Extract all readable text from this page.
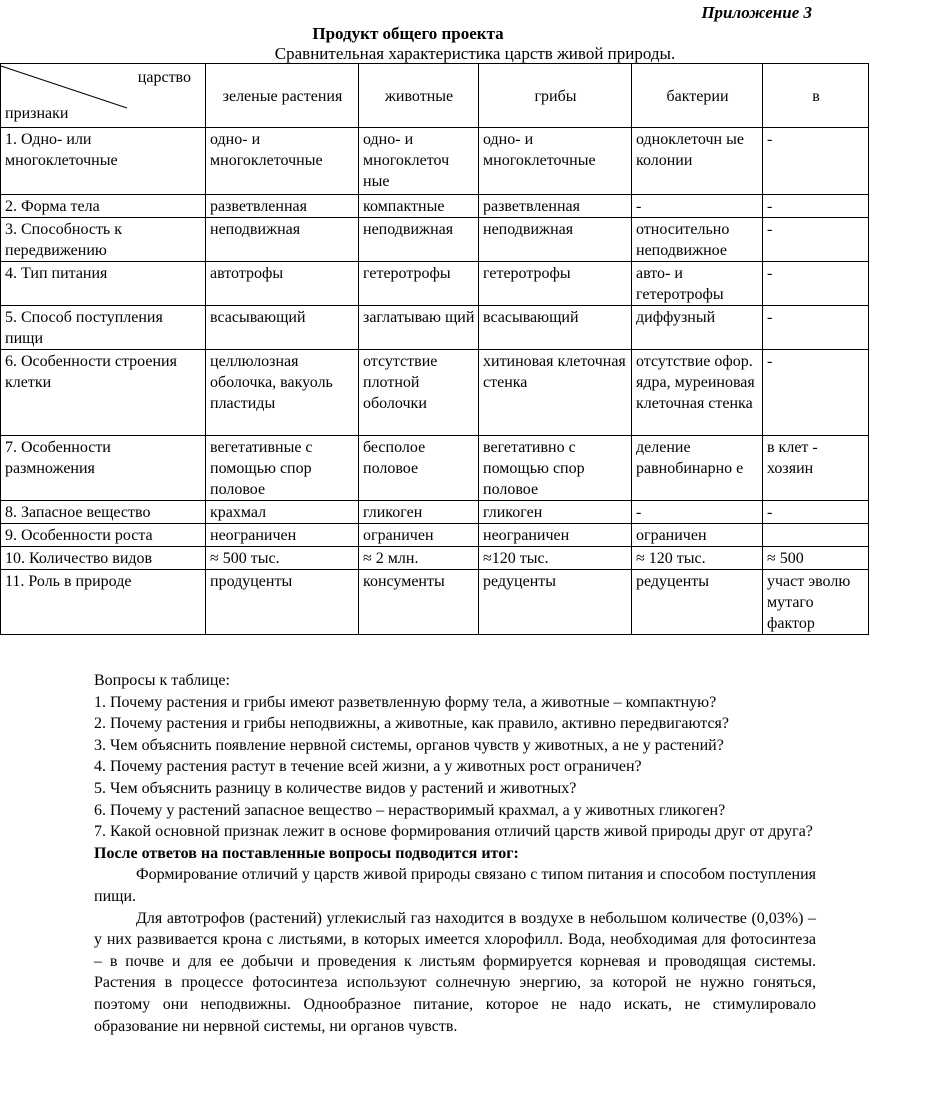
Приложение 3
Продукт общего проекта
Сравнительная характеристика царств живой природы.
царство
признаки	зеленые растения	животные	грибы	бактерии	в
1. Одно- или многоклеточные	одно- и многоклеточные	одно- и многоклеточ ные	одно- и многоклеточные	одноклеточн ые колонии	-
2. Форма тела	разветвленная	компактные	разветвленная	-	-
3. Способность к передвижению	неподвижная	неподвижная	неподвижная	относительно неподвижное	-
4. Тип питания	автотрофы	гетеротрофы	гетеротрофы	авто- и гетеротрофы	-
5. Способ поступления пищи	всасывающий	заглатываю щий	всасывающий	диффузный	-
6. Особенности строения клетки	целлюлозная оболочка, вакуоль пластиды	отсутствие плотной оболочки	хитиновая клеточная стенка	отсутствие офор. ядра, муреиновая клеточная стенка	-
7. Особенности размножения	вегетативные с помощью спор половое	бесполое половое	вегетативно с помощью спор половое	деление равнобинарно е	в клет - хозяин
8. Запасное вещество	крахмал	гликоген	гликоген	-	-
9. Особенности роста	неограничен	ограничен	неограничен	ограничен	
10. Количество видов	≈ 500 тыс.	≈ 2 млн.	≈120 тыс.	≈ 120 тыс.	≈ 500
11. Роль в природе	продуценты	консументы	редуценты	редуценты	участ эволю мутаго фактор

Вопросы к таблице:

1. Почему растения и грибы имеют разветвленную форму тела, а животные – компактную?

2. Почему растения и грибы неподвижны, а животные, как правило, активно передвигаются?

3. Чем объяснить появление нервной системы, органов чувств у животных, а не у растений?

4. Почему растения растут в течение всей жизни, а у животных рост ограничен?

5. Чем объяснить разницу в количестве видов у растений и животных?

6. Почему у растений запасное вещество – нерастворимый крахмал, а у животных гликоген?

7. Какой основной признак лежит в основе формирования отличий царств живой природы друг от друга?

После ответов на поставленные вопросы подводится итог:

Формирование отличий у царств живой природы связано с типом питания и способом поступления пищи.

Для автотрофов (растений) углекислый газ находится в воздухе в небольшом количестве (0,03%) – у них развивается крона с листьями, в которых имеется хлорофилл. Вода, необходимая для фотосинтеза – в почве и для ее добычи и проведения к листьям формируется корневая и проводящая системы. Растения в процессе фотосинтеза используют солнечную энергию, за которой не нужно гоняться, поэтому они неподвижны. Однообразное питание, которое не надо искать, не стимулировало образование ни нервной системы, ни органов чувств.
